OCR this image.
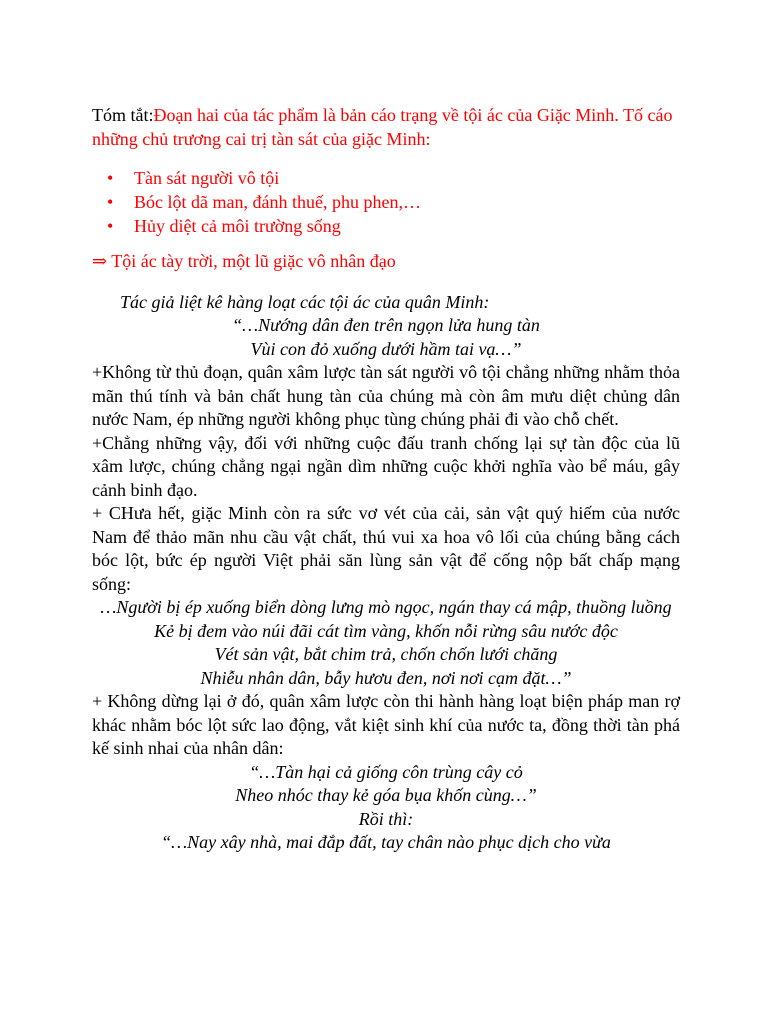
Tóm tắt:Đoạn hai của tác phẩm là bản cáo trạng về tội ác của Giặc Minh. Tố cáo những chủ trương cai trị tàn sát của giặc Minh:

• Tàn sát người vô tội
• Bóc lột dã man, đánh thuế, phu phen,…
• Hủy diệt cả môi trường sống

⇒ Tội ác tày trời, một lũ giặc vô nhân đạo

Tác giả liệt kê hàng loạt các tội ác của quân Minh:

“…Nướng dân đen trên ngọn lửa hung tàn

Vùi con đỏ xuống dưới hầm tai vạ…”

+Không từ thủ đoạn, quân xâm lược tàn sát người vô tội chẳng những nhằm thỏa mãn thú tính và bản chất hung tàn của chúng mà còn âm mưu diệt chủng dân nước Nam, ép những người không phục tùng chúng phải đi vào chỗ chết.

+Chẳng những vậy, đối với những cuộc đấu tranh chống lại sự tàn độc của lũ xâm lược, chúng chẳng ngại ngần dìm những cuộc khởi nghĩa vào bể máu, gây cảnh binh đạo.

+ CHưa hết, giặc Minh còn ra sức vơ vét của cải, sản vật quý hiếm của nước Nam để thảo mãn nhu cầu vật chất, thú vui xa hoa vô lối của chúng bằng cách bóc lột, bức ép người Việt phải săn lùng sản vật để cống nộp bất chấp mạng sống:

…Người bị ép xuống biển dòng lưng mò ngọc, ngán thay cá mập, thuồng luồng

Kẻ bị đem vào núi đãi cát tìm vàng, khốn nỗi rừng sâu nước độc

Vét sản vật, bắt chim trả, chốn chốn lưới chăng

Nhiễu nhân dân, bẫy hươu đen, nơi nơi cạm đặt…”

+ Không dừng lại ở đó, quân xâm lược còn thi hành hàng loạt biện pháp man rợ khác nhằm bóc lột sức lao động, vắt kiệt sinh khí của nước ta, đồng thời tàn phá kế sinh nhai của nhân dân:

“…Tàn hại cả giống côn trùng cây cỏ

Nheo nhóc thay kẻ góa bụa khốn cùng…”

Rồi thì:

“…Nay xây nhà, mai đắp đất, tay chân nào phục dịch cho vừa
